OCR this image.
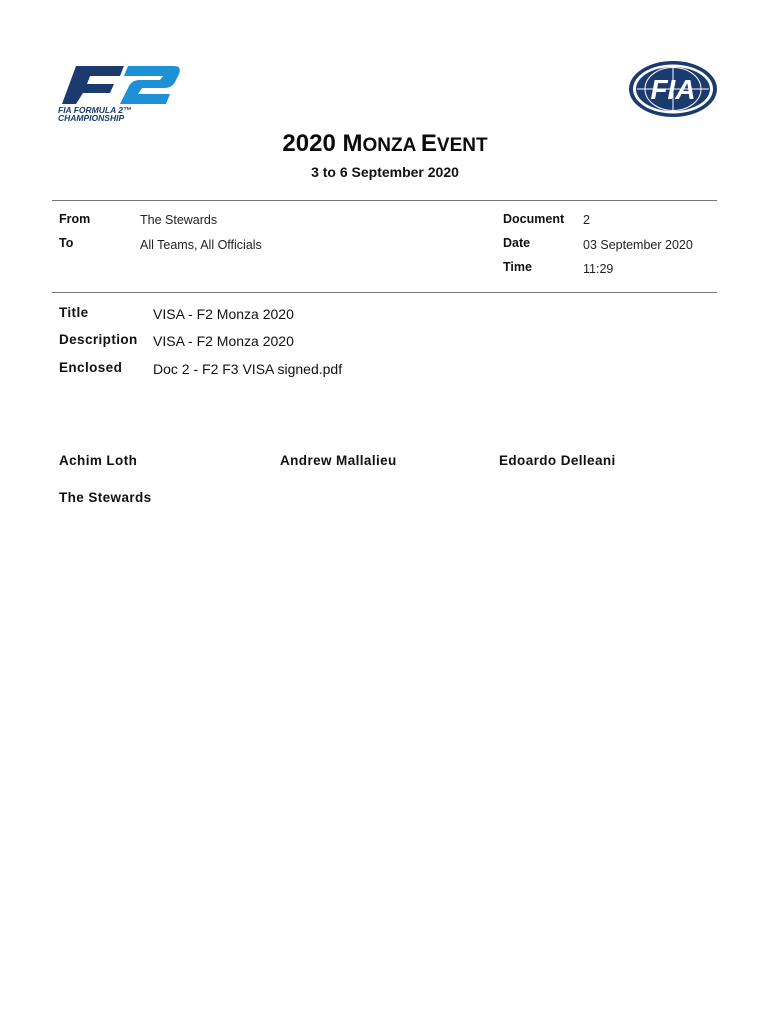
FIA FORMULA 2™
CHAMPIONSHIP
FIA
2020 MONZA EVENT
3 to 6 September 2020
From	The Stewards
To	All Teams, All Officials
Document 2
Date	03 September 2020
Time	11:29
Title	VISA - F2 Monza 2020
Description VISA - F2 Monza 2020
Enclosed Doc 2 - F2 F3 VISA signed.pdf
Achim Loth	Andrew Mallalieu	Edoardo Delleani
The Stewards
